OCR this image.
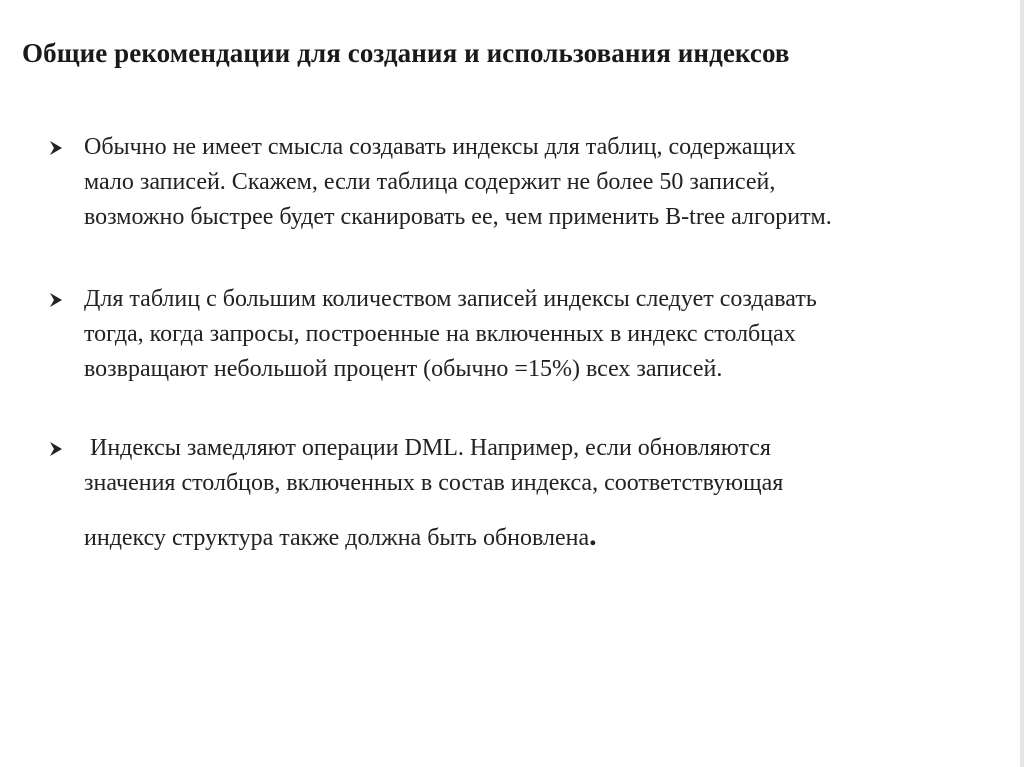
Общие рекомендации для создания и использования индексов
Обычно не имеет смысла создавать индексы для таблиц, содержащих
мало записей. Скажем, если таблица содержит не более 50 записей,
возможно быстрее будет сканировать ее, чем применить B-tree алгоритм.
Для таблиц с большим количеством записей индексы следует создавать
тогда, когда запросы, построенные на включенных в индекс столбцах
возвращают небольшой процент (обычно =15%) всех записей.
Индексы замедляют операции DML. Например, если обновляются
значения столбцов, включенных в состав индекса, соответствующая
индексу структура также должна быть обновлена.
